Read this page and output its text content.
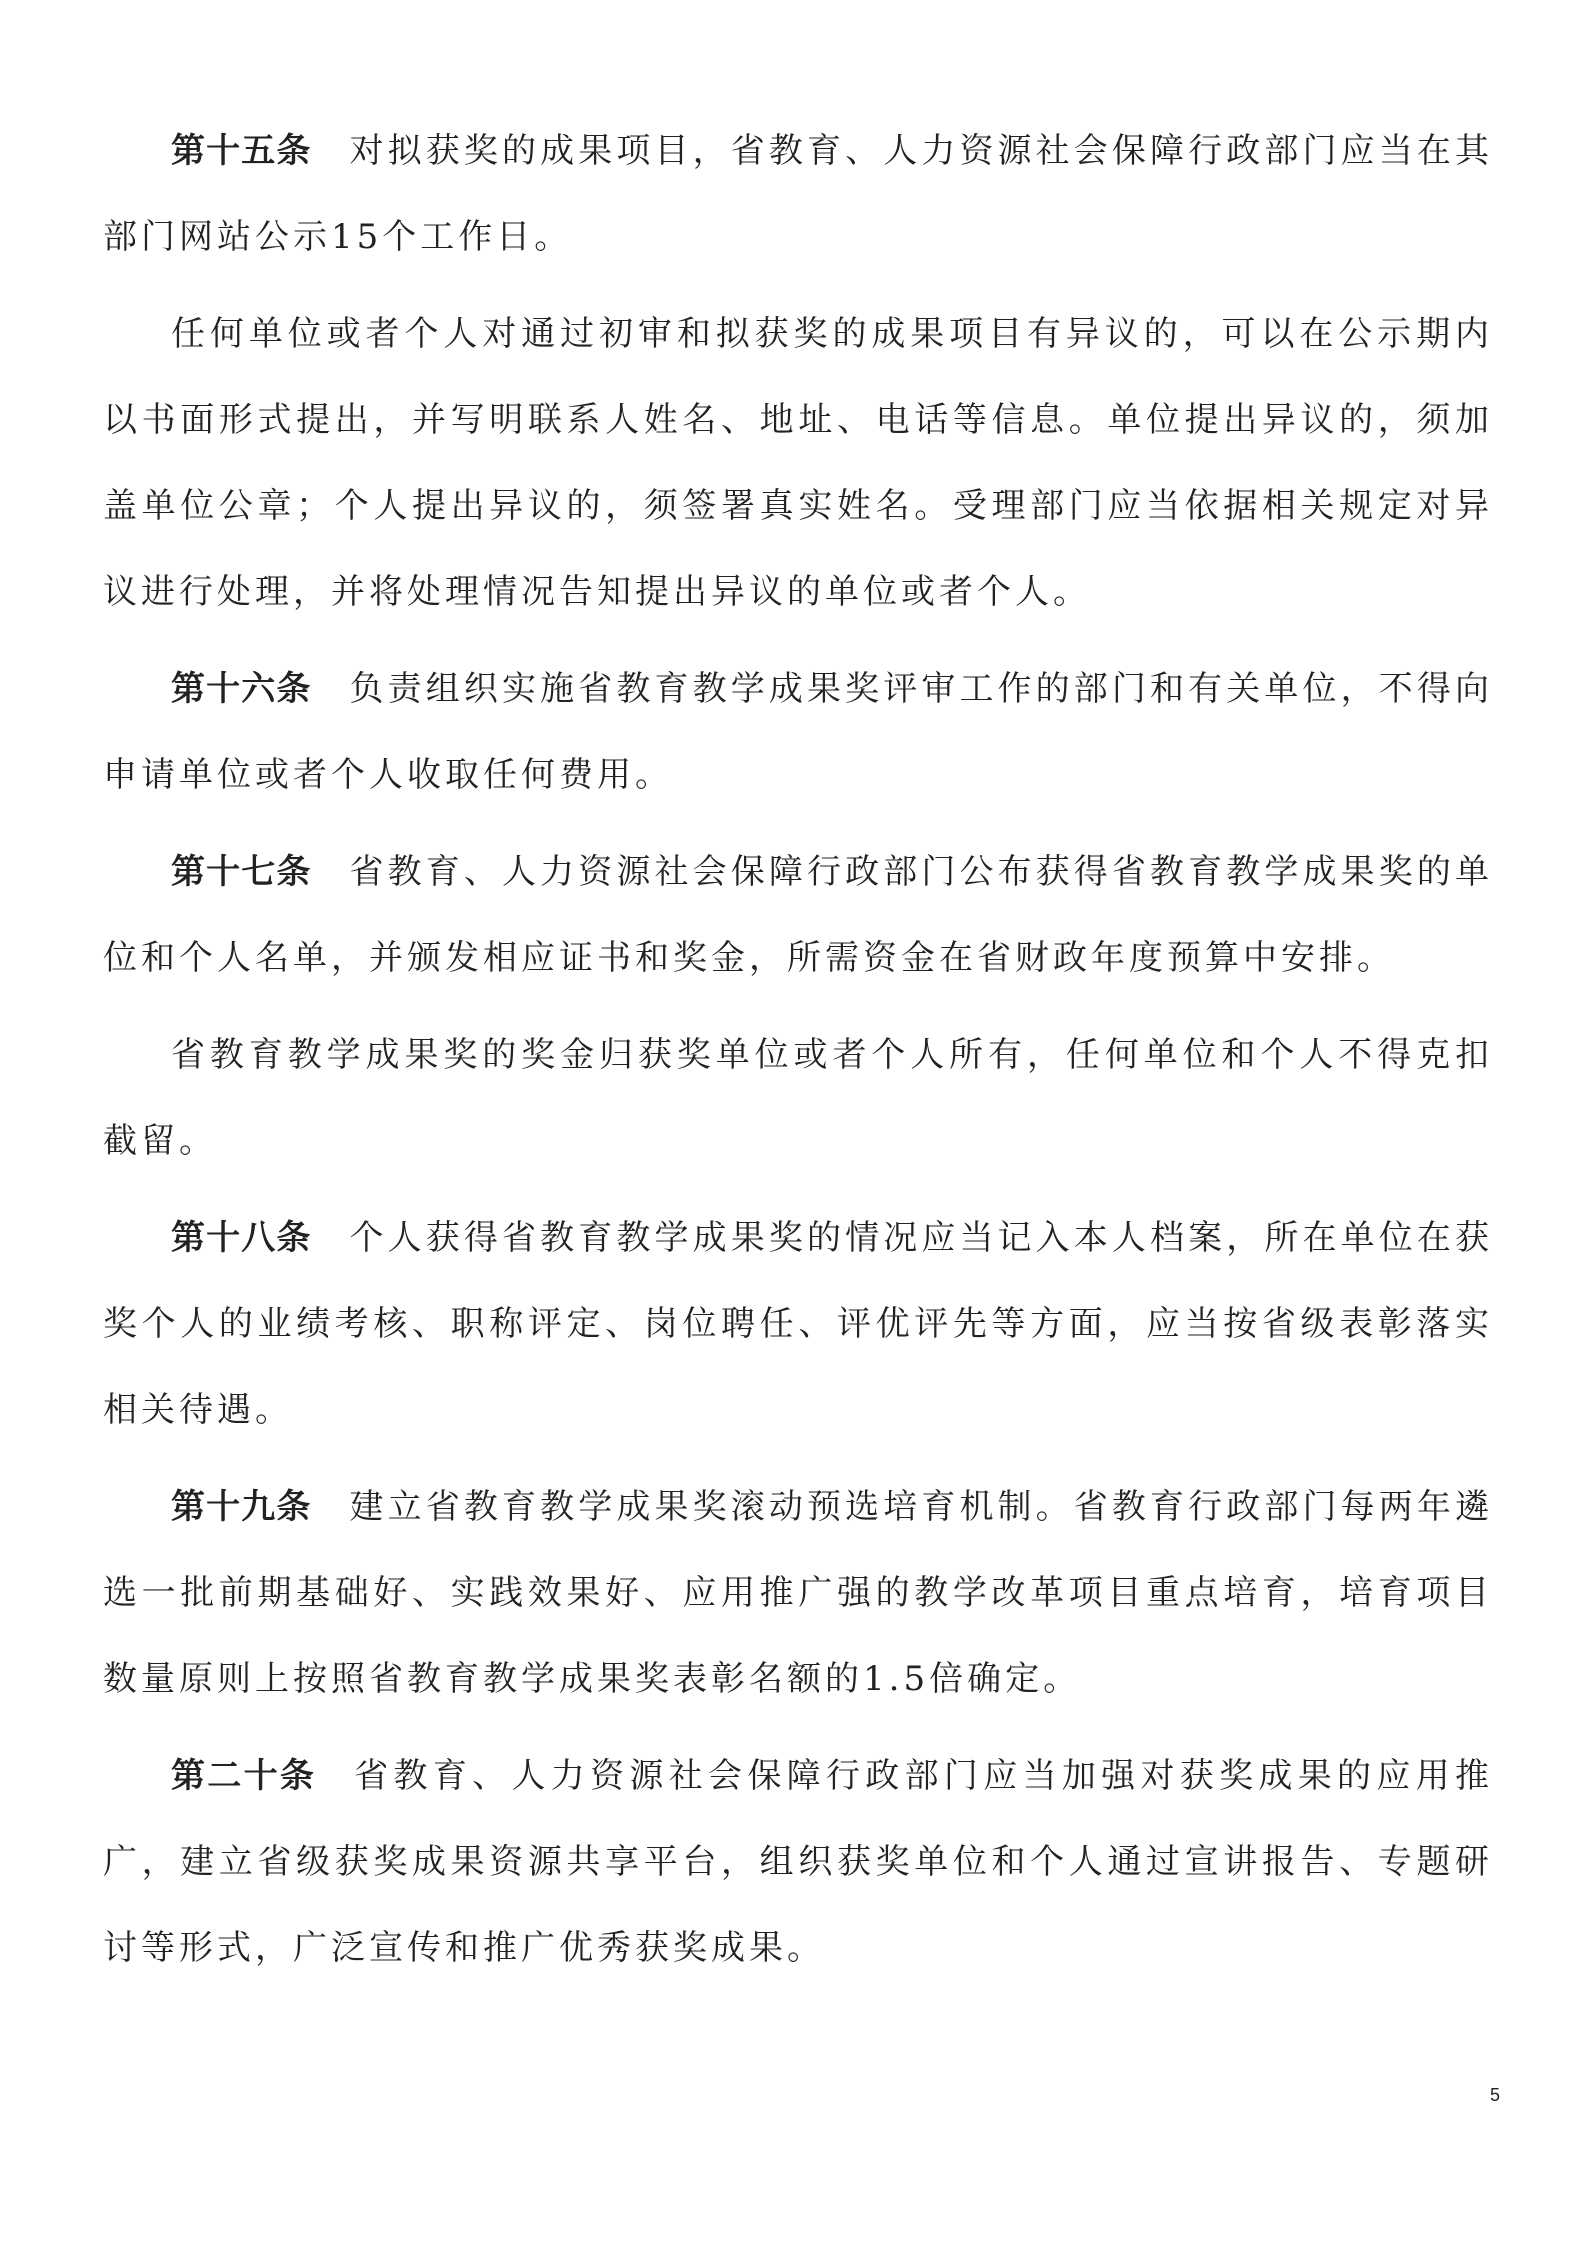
第十五条 对拟获奖的成果项目，省教育、人力资源社会保障行政部门应当在其部门网站公示15个工作日。

任何单位或者个人对通过初审和拟获奖的成果项目有异议的，可以在公示期内以书面形式提出，并写明联系人姓名、地址、电话等信息。单位提出异议的，须加盖单位公章；个人提出异议的，须签署真实姓名。受理部门应当依据相关规定对异议进行处理，并将处理情况告知提出异议的单位或者个人。

第十六条 负责组织实施省教育教学成果奖评审工作的部门和有关单位，不得向申请单位或者个人收取任何费用。

第十七条 省教育、人力资源社会保障行政部门公布获得省教育教学成果奖的单位和个人名单，并颁发相应证书和奖金，所需资金在省财政年度预算中安排。

省教育教学成果奖的奖金归获奖单位或者个人所有，任何单位和个人不得克扣截留。

第十八条 个人获得省教育教学成果奖的情况应当记入本人档案，所在单位在获奖个人的业绩考核、职称评定、岗位聘任、评优评先等方面，应当按省级表彰落实相关待遇。

第十九条 建立省教育教学成果奖滚动预选培育机制。省教育行政部门每两年遴选一批前期基础好、实践效果好、应用推广强的教学改革项目重点培育，培育项目数量原则上按照省教育教学成果奖表彰名额的1.5倍确定。

第二十条 省教育、人力资源社会保障行政部门应当加强对获奖成果的应用推广，建立省级获奖成果资源共享平台，组织获奖单位和个人通过宣讲报告、专题研讨等形式，广泛宣传和推广优秀获奖成果。

5
